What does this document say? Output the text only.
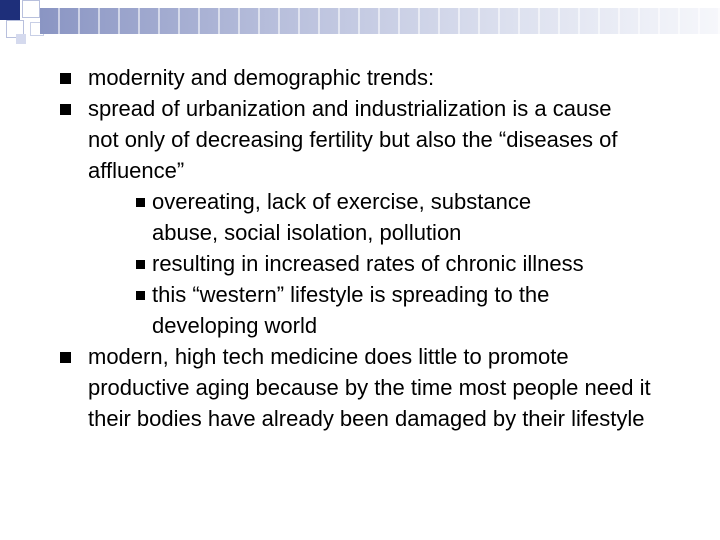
modernity and demographic trends:
spread of urbanization and industrialization is a cause not only of decreasing fertility but also the “diseases of affluence”
overeating, lack of exercise, substance abuse, social isolation, pollution
resulting in increased rates of chronic illness
this “western” lifestyle is spreading to the developing world
modern, high tech medicine does little to promote productive aging because by the time most people need it their bodies have already been damaged by their lifestyle
